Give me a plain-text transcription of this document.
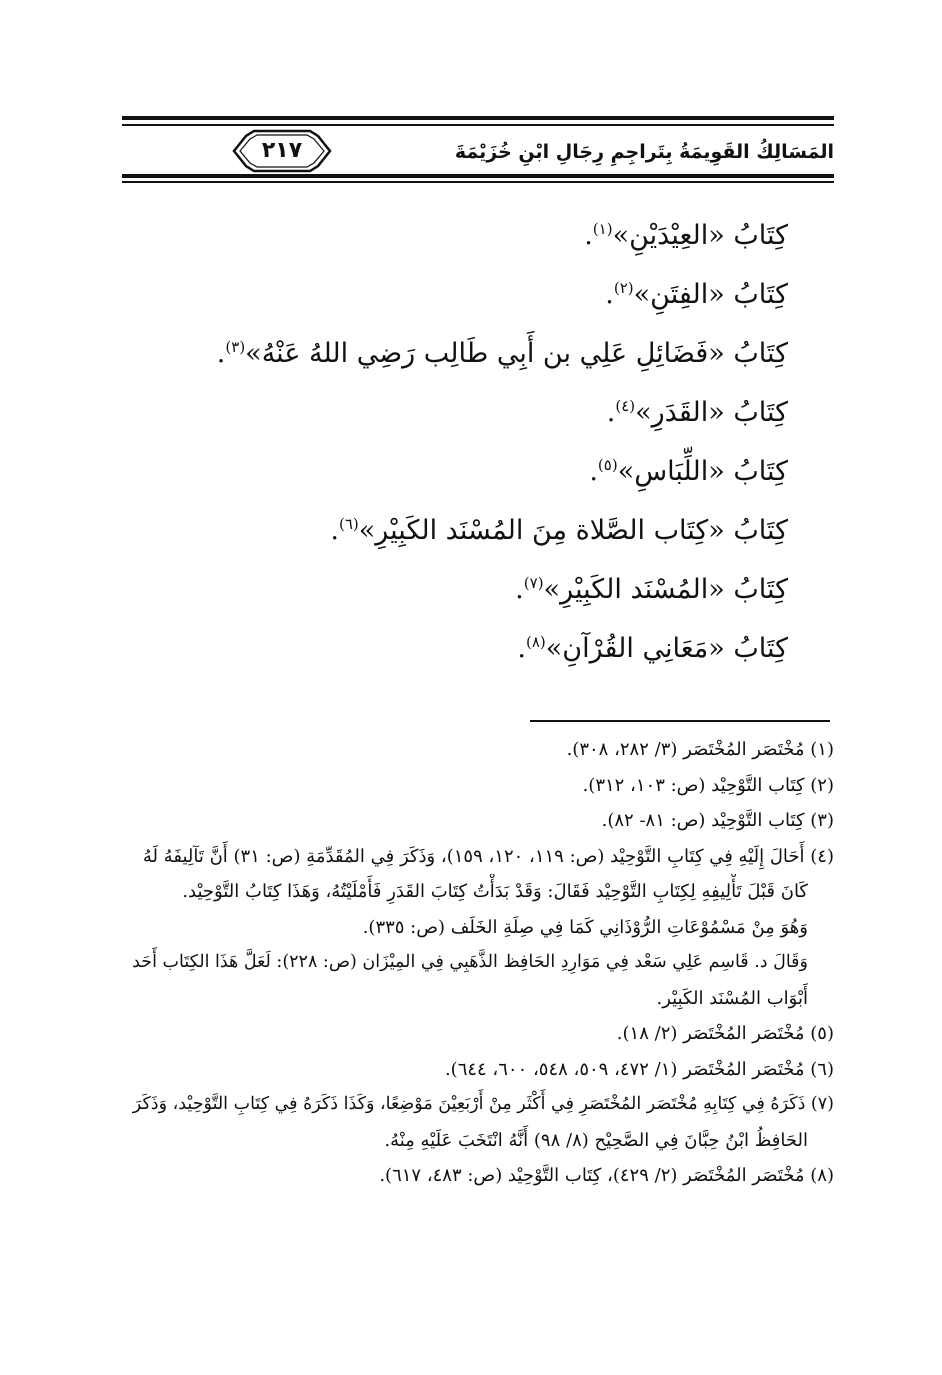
٢١٧	المَسَالِكُ القَوِيمَةُ بِتَراجِمِ رِجَالِ ابْنِ خُزَيْمَةَ
كِتَابُ «العِيْدَيْنِ»$^{(١)}$.
كِتَابُ «الفِتَنِ»$^{(٢)}$.
كِتَابُ «فَضَائِلِ عَلِي بن أَبِي طَالِب رَضِي اللهُ عَنْهُ»$^{(٣)}$.
كِتَابُ «القَدَرِ»$^{(٤)}$.
كِتَابُ «اللِّبَاسِ»$^{(٥)}$.
كِتَابُ «كِتَاب الصَّلاة مِنَ المُسْنَد الكَبِيْرِ»$^{(٦)}$.
كِتَابُ «المُسْنَد الكَبِيْرِ»$^{(٧)}$.
كِتَابُ «مَعَانِي القُرْآنِ»$^{(٨)}$.
(١) مُخْتَصَر المُخْتَصَر (٣/ ٢٨٢، ٣٠٨).
(٢) كِتَاب التَّوْحِيْد (ص: ١٠٣، ٣١٢).
(٣) كِتَاب التَّوْحِيْد (ص: ٨١- ٨٢).
(٤) أَحَالَ إِلَيْهِ فِي كِتَابِ التَّوْحِيْد (ص: ١١٩، ١٢٠، ١٥٩)، وَذَكَرَ فِي المُقَدِّمَةِ (ص: ٣١) أَنَّ تَآلِيفَهُ لَهُ
كَانَ قَبْلَ تَأْلِيفِهِ لِكِتَابِ التَّوْحِيْد فَقَالَ: وَقَدْ بَدَأْتُ كِتَابَ القَدَرِ فَأَمْلَيْتُهُ، وَهَذَا كِتَابُ التَّوْحِيْد.
وَهُوَ مِنْ مَسْمُوْعَاتِ الرُّوْذَانِي كَمَا فِي صِلَةِ الخَلَف (ص: ٣٣٥).
وَقَالَ د. قَاسِم عَلِي سَعْد فِي مَوَارِدِ الحَافِظ الذَّهَبِي فِي المِيْزَان (ص: ٢٢٨): لَعَلَّ هَذَا الكِتَاب أَحَد
أَبْوَاب المُسْنَد الكَبِيْر.
(٥) مُخْتَصَر المُخْتَصَر (٢/ ١٨).
(٦) مُخْتَصَر المُخْتَصَر (١/ ٤٧٢، ٥٠٩، ٥٤٨، ٦٠٠، ٦٤٤).
(٧) ذَكَرَهُ فِي كِتَابِهِ مُخْتَصَر المُخْتَصَرِ فِي أَكْثَر مِنْ أَرْبَعِيْنَ مَوْضِعًا، وَكَذَا ذَكَرَهُ فِي كِتَابِ التَّوْحِيْد، وَذَكَرَ
الحَافِظُ ابْنُ حِبَّانَ فِي الصَّحِيْح (٨/ ٩٨) أَنَّهُ انْتَخَبَ عَلَيْهِ مِنْهُ.
(٨) مُخْتَصَر المُخْتَصَر (٢/ ٤٢٩)، كِتَاب التَّوْحِيْد (ص: ٤٨٣، ٦١٧).
